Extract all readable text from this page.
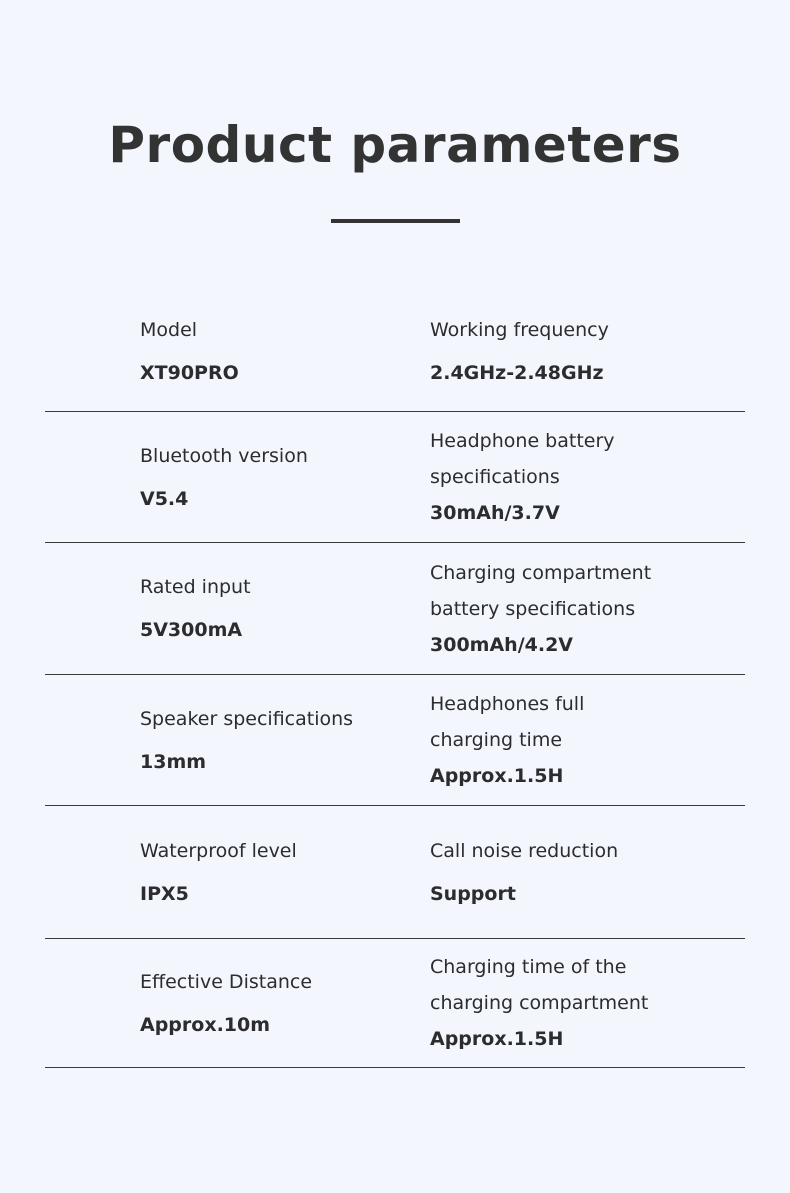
Product parameters
Model
XT90PRO
Working frequency
2.4GHz-2.48GHz
Bluetooth version
V5.4
Headphone battery
specifications
30mAh/3.7V
Rated input
5V300mA
Charging compartment
battery specifications
300mAh/4.2V
Speaker specifications
13mm
Headphones full
charging time
Approx.1.5H
Waterproof level
IPX5
Call noise reduction
Support
Effective Distance
Approx.10m
Charging time of the
charging compartment
Approx.1.5H
